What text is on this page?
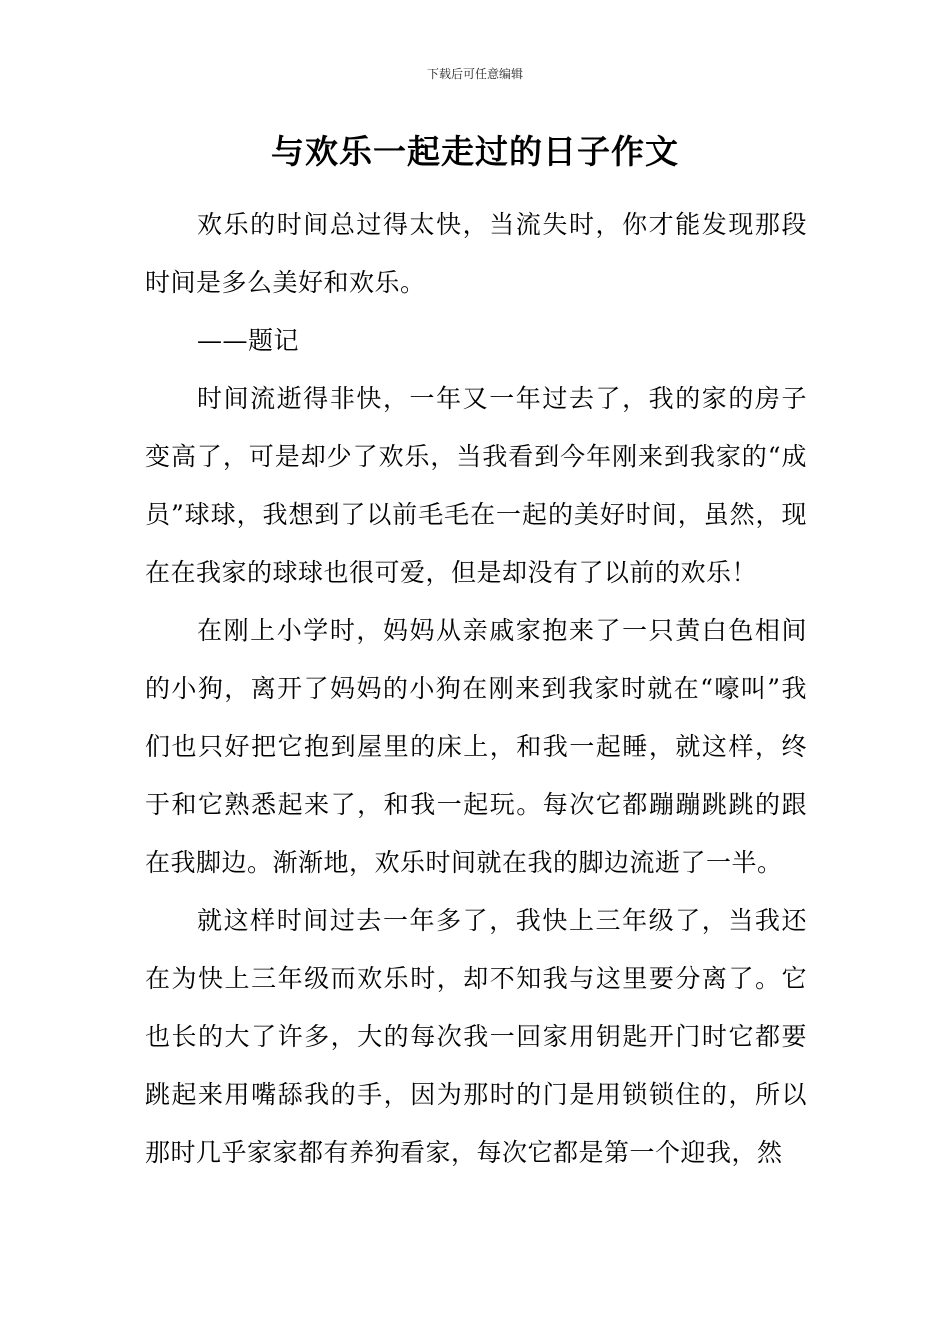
下载后可任意编辑
与欢乐一起走过的日子作文

欢乐的时间总过得太快，当流失时，你才能发现那段时间是多么美好和欢乐。

——题记

时间流逝得非快，一年又一年过去了，我的家的房子变高了，可是却少了欢乐，当我看到今年刚来到我家的“成员”球球，我想到了以前毛毛在一起的美好时间，虽然，现在在我家的球球也很可爱，但是却没有了以前的欢乐！

在刚上小学时，妈妈从亲戚家抱来了一只黄白色相间的小狗，离开了妈妈的小狗在刚来到我家时就在“嚎叫”我们也只好把它抱到屋里的床上，和我一起睡，就这样，终于和它熟悉起来了，和我一起玩。每次它都蹦蹦跳跳的跟在我脚边。渐渐地，欢乐时间就在我的脚边流逝了一半。

就这样时间过去一年多了，我快上三年级了，当我还在为快上三年级而欢乐时，却不知我与这里要分离了。它也长的大了许多，大的每次我一回家用钥匙开门时它都要跳起来用嘴舔我的手，因为那时的门是用锁锁住的，所以那时几乎家家都有养狗看家，每次它都是第一个迎我，然
